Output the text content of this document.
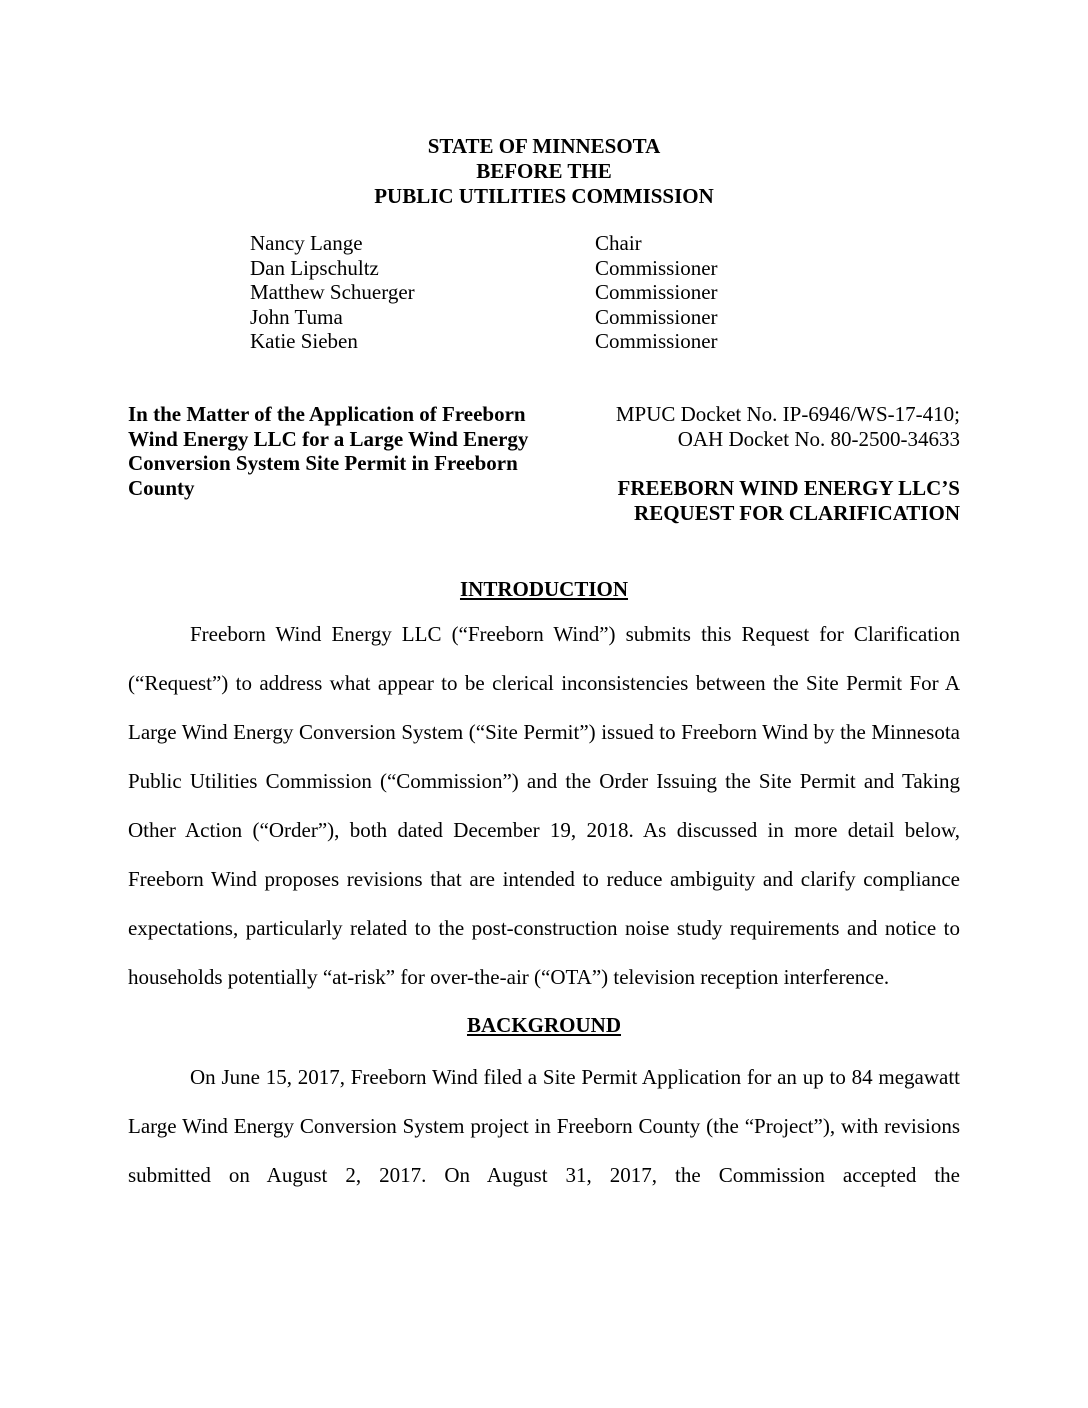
STATE OF MINNESOTA
BEFORE THE
PUBLIC UTILITIES COMMISSION
Nancy Lange	Chair
Dan Lipschultz	Commissioner
Matthew Schuerger	Commissioner
John Tuma	Commissioner
Katie Sieben	Commissioner
In the Matter of the Application of Freeborn Wind Energy LLC for a Large Wind Energy Conversion System Site Permit in Freeborn County
MPUC Docket No. IP-6946/WS-17-410;
OAH Docket No. 80-2500-34633
FREEBORN WIND ENERGY LLC’S
REQUEST FOR CLARIFICATION
INTRODUCTION

Freeborn Wind Energy LLC (“Freeborn Wind”) submits this Request for Clarification (“Request”) to address what appear to be clerical inconsistencies between the Site Permit For A Large Wind Energy Conversion System (“Site Permit”) issued to Freeborn Wind by the Minnesota Public Utilities Commission (“Commission”) and the Order Issuing the Site Permit and Taking Other Action (“Order”), both dated December 19, 2018. As discussed in more detail below, Freeborn Wind proposes revisions that are intended to reduce ambiguity and clarify compliance expectations, particularly related to the post-construction noise study requirements and notice to households potentially “at-risk” for over-the-air (“OTA”) television reception interference.

BACKGROUND

On June 15, 2017, Freeborn Wind filed a Site Permit Application for an up to 84 megawatt Large Wind Energy Conversion System project in Freeborn County (the “Project”), with revisions submitted on August 2, 2017. On August 31, 2017, the Commission accepted the
